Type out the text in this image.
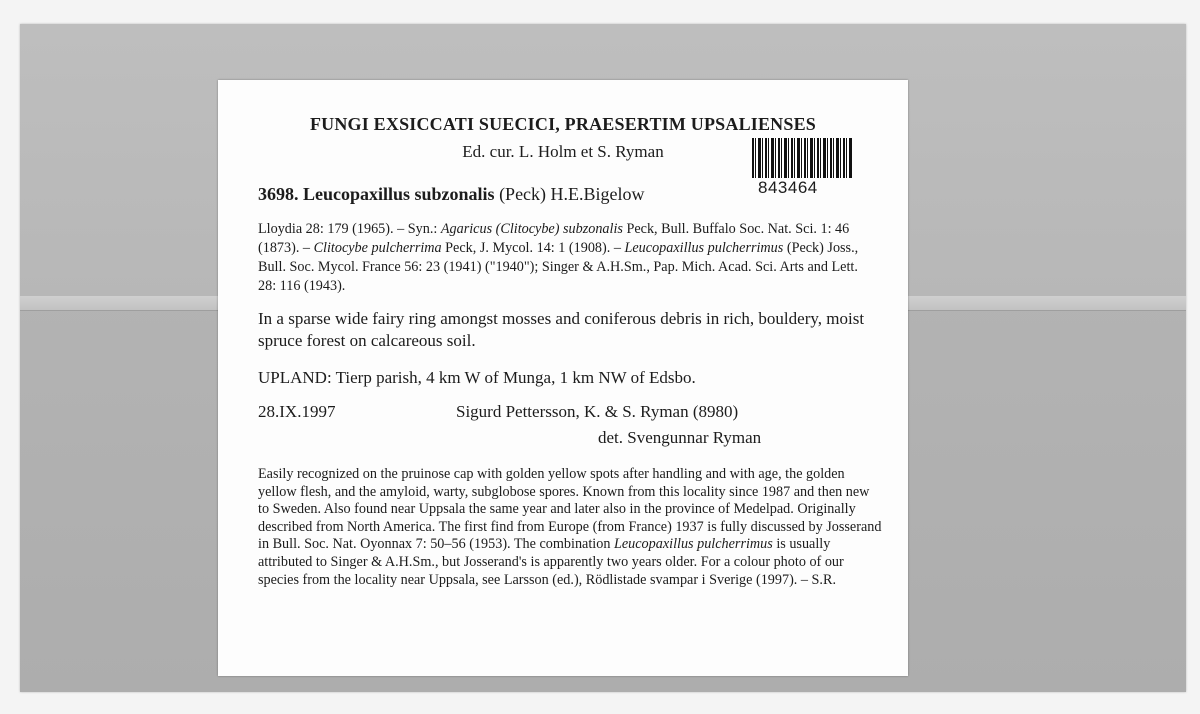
FUNGI EXSICCATI SUECICI, PRAESERTIM UPSALIENSES
Ed. cur. L. Holm et S. Ryman
843464
3698. Leucopaxillus subzonalis (Peck) H.E.Bigelow
Lloydia 28: 179 (1965). – Syn.: Agaricus (Clitocybe) subzonalis Peck, Bull. Buffalo Soc. Nat. Sci. 1: 46 (1873). – Clitocybe pulcherrima Peck, J. Mycol. 14: 1 (1908). – Leucopaxillus pulcherrimus (Peck) Joss., Bull. Soc. Mycol. France 56: 23 (1941) ("1940"); Singer & A.H.Sm., Pap. Mich. Acad. Sci. Arts and Lett. 28: 116 (1943).
In a sparse wide fairy ring amongst mosses and coniferous debris in rich, bouldery, moist spruce forest on calcareous soil.
UPLAND: Tierp parish, 4 km W of Munga, 1 km NW of Edsbo.
28.IX.1997	Sigurd Pettersson, K. & S. Ryman (8980)
det. Svengunnar Ryman
Easily recognized on the pruinose cap with golden yellow spots after handling and with age, the golden yellow flesh, and the amyloid, warty, subglobose spores. Known from this locality since 1987 and then new to Sweden. Also found near Uppsala the same year and later also in the province of Medelpad. Originally described from North America. The first find from Europe (from France) 1937 is fully discussed by Josserand in Bull. Soc. Nat. Oyonnax 7: 50–56 (1953). The combination Leucopaxillus pulcherrimus is usually attributed to Singer & A.H.Sm., but Josserand's is apparently two years older. For a colour photo of our species from the locality near Uppsala, see Larsson (ed.), Rödlistade svampar i Sverige (1997). – S.R.
